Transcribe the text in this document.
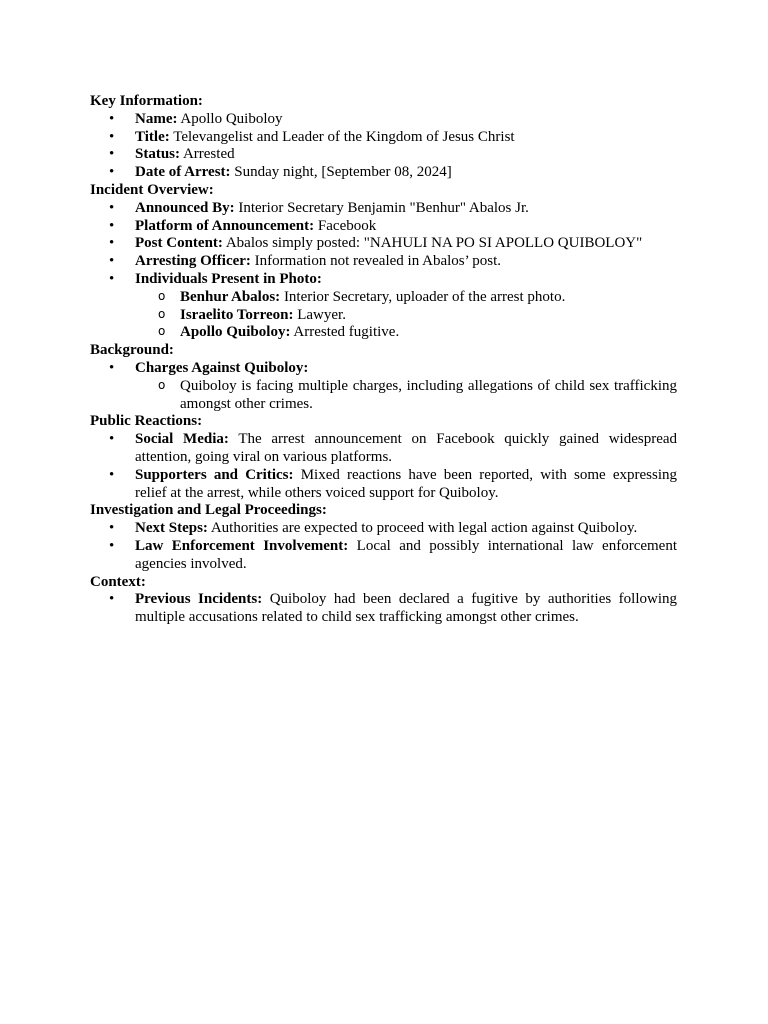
Key Information:
• Name: Apollo Quiboloy
• Title: Televangelist and Leader of the Kingdom of Jesus Christ
• Status: Arrested
• Date of Arrest: Sunday night, [September 08, 2024]
Incident Overview:
• Announced By: Interior Secretary Benjamin "Benhur" Abalos Jr.
• Platform of Announcement: Facebook
• Post Content: Abalos simply posted: "NAHULI NA PO SI APOLLO QUIBOLOY"
• Arresting Officer: Information not revealed in Abalos’ post.
• Individuals Present in Photo:
o Benhur Abalos: Interior Secretary, uploader of the arrest photo.
o Israelito Torreon: Lawyer.
o Apollo Quiboloy: Arrested fugitive.
Background:
• Charges Against Quiboloy:
o Quiboloy is facing multiple charges, including allegations of child sex trafficking amongst other crimes.
Public Reactions:
• Social Media: The arrest announcement on Facebook quickly gained widespread attention, going viral on various platforms.
• Supporters and Critics: Mixed reactions have been reported, with some expressing relief at the arrest, while others voiced support for Quiboloy.
Investigation and Legal Proceedings:
• Next Steps: Authorities are expected to proceed with legal action against Quiboloy.
• Law Enforcement Involvement: Local and possibly international law enforcement agencies involved.
Context:
• Previous Incidents: Quiboloy had been declared a fugitive by authorities following multiple accusations related to child sex trafficking amongst other crimes.
